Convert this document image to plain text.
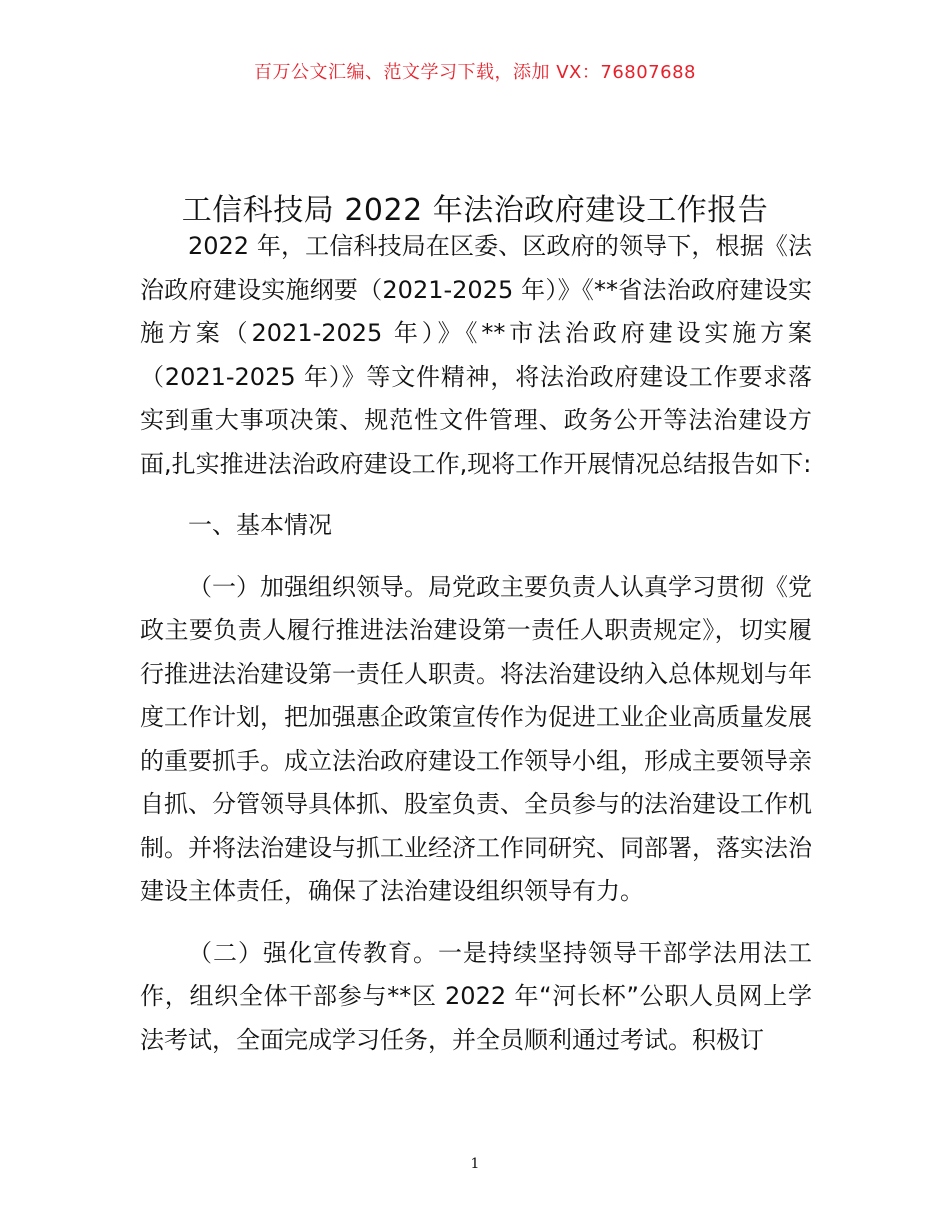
百万公文汇编、范文学习下载，添加 VX：76807688
工信科技局 2022 年法治政府建设工作报告

2022 年，工信科技局在区委、区政府的领导下，根据《法治政府建设实施纲要（2021-2025 年）》《**省法治政府建设实施方案（2021-2025 年）》《**市法治政府建设实施方案（2021-2025 年）》等文件精神，将法治政府建设工作要求落实到重大事项决策、规范性文件管理、政务公开等法治建设方面,扎实推进法治政府建设工作,现将工作开展情况总结报告如下:

一、基本情况

（一）加强组织领导。局党政主要负责人认真学习贯彻《党政主要负责人履行推进法治建设第一责任人职责规定》，切实履行推进法治建设第一责任人职责。将法治建设纳入总体规划与年度工作计划，把加强惠企政策宣传作为促进工业企业高质量发展的重要抓手。成立法治政府建设工作领导小组，形成主要领导亲自抓、分管领导具体抓、股室负责、全员参与的法治建设工作机制。并将法治建设与抓工业经济工作同研究、同部署，落实法治建设主体责任，确保了法治建设组织领导有力。

（二）强化宣传教育。一是持续坚持领导干部学法用法工作，组织全体干部参与**区 2022 年“河长杯”公职人员网上学法考试，全面完成学习任务，并全员顺利通过考试。积极订

1
